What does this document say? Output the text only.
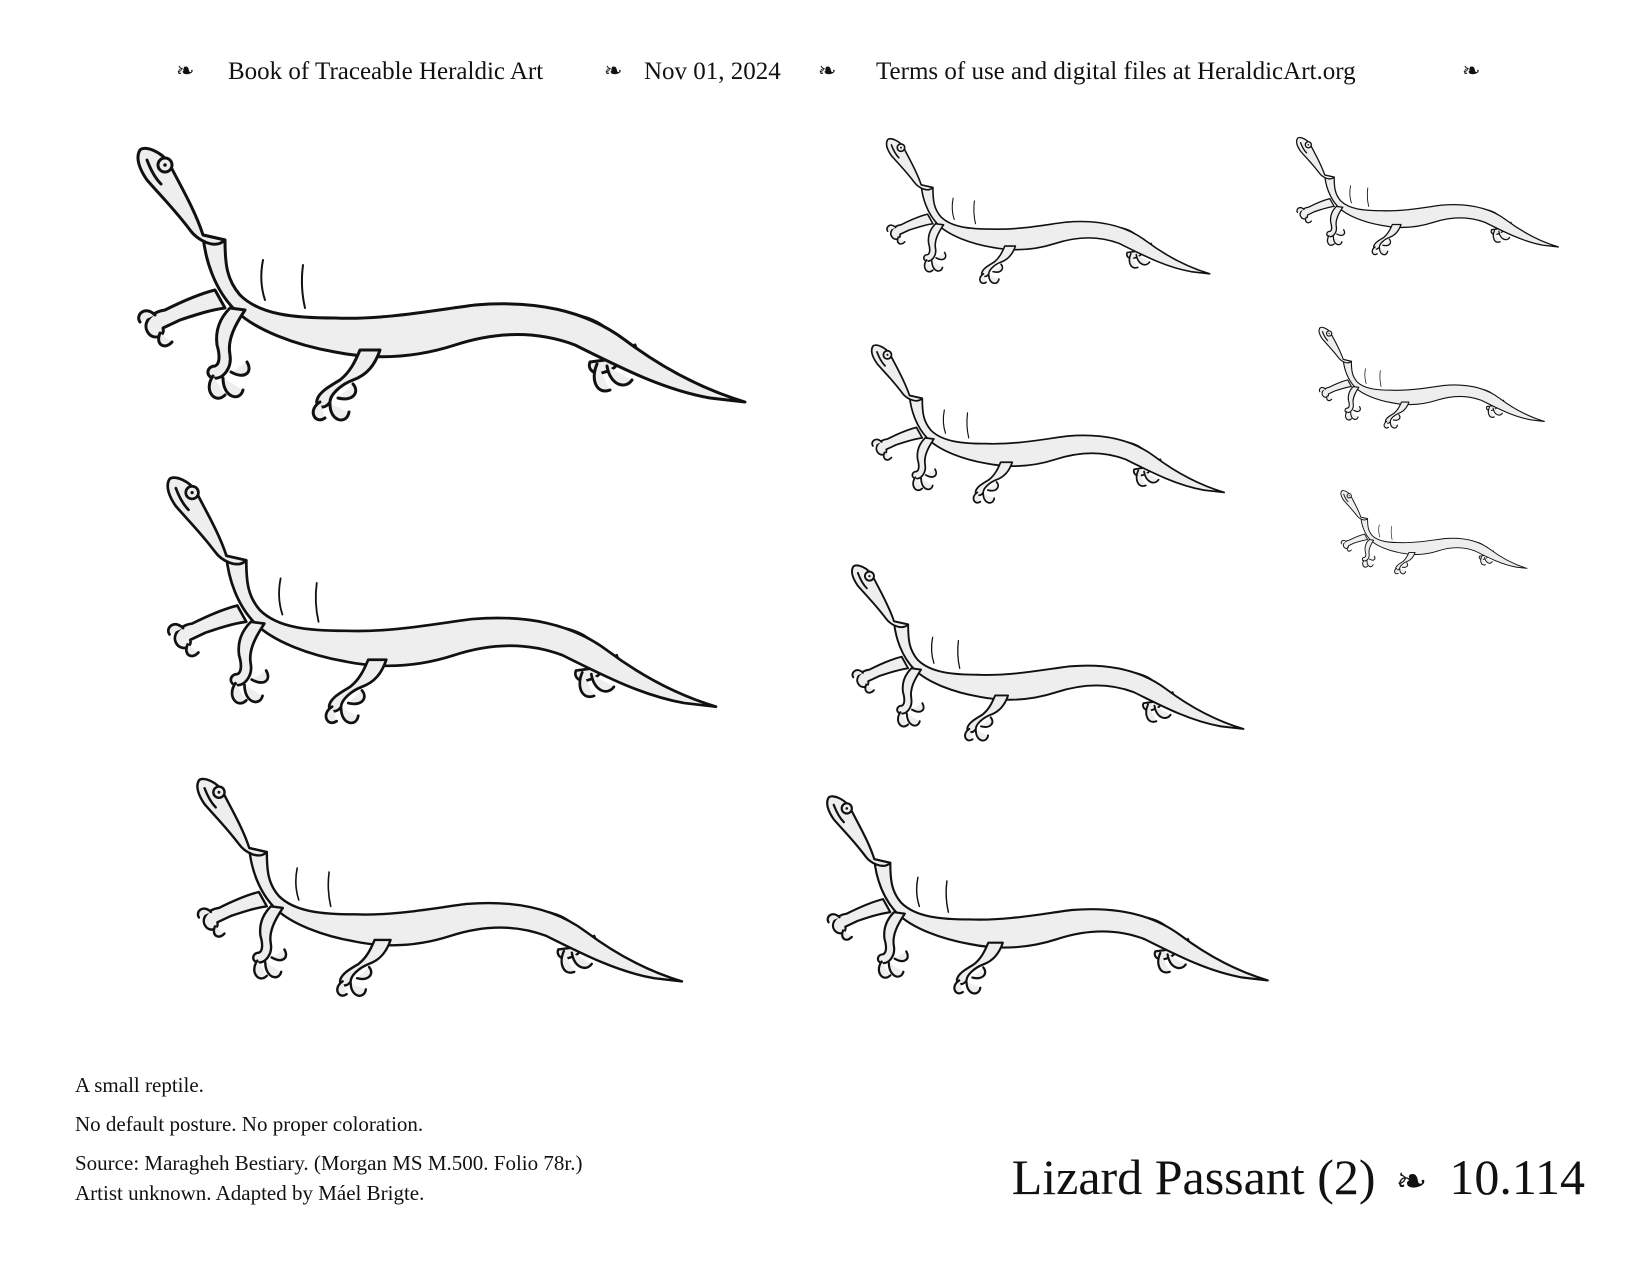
❧ Book of Traceable Heraldic Art	❧ Nov 01, 2024 ❧ Terms of use and digital files at HeraldicArt.org	❧

A small reptile.

No default posture. No proper coloration.

Source: Maragheh Bestiary. (Morgan MS M.500. Folio 78r.)

Artist unknown. Adapted by Máel Brigte.	Lizard Passant (2) ❧ 10.114
